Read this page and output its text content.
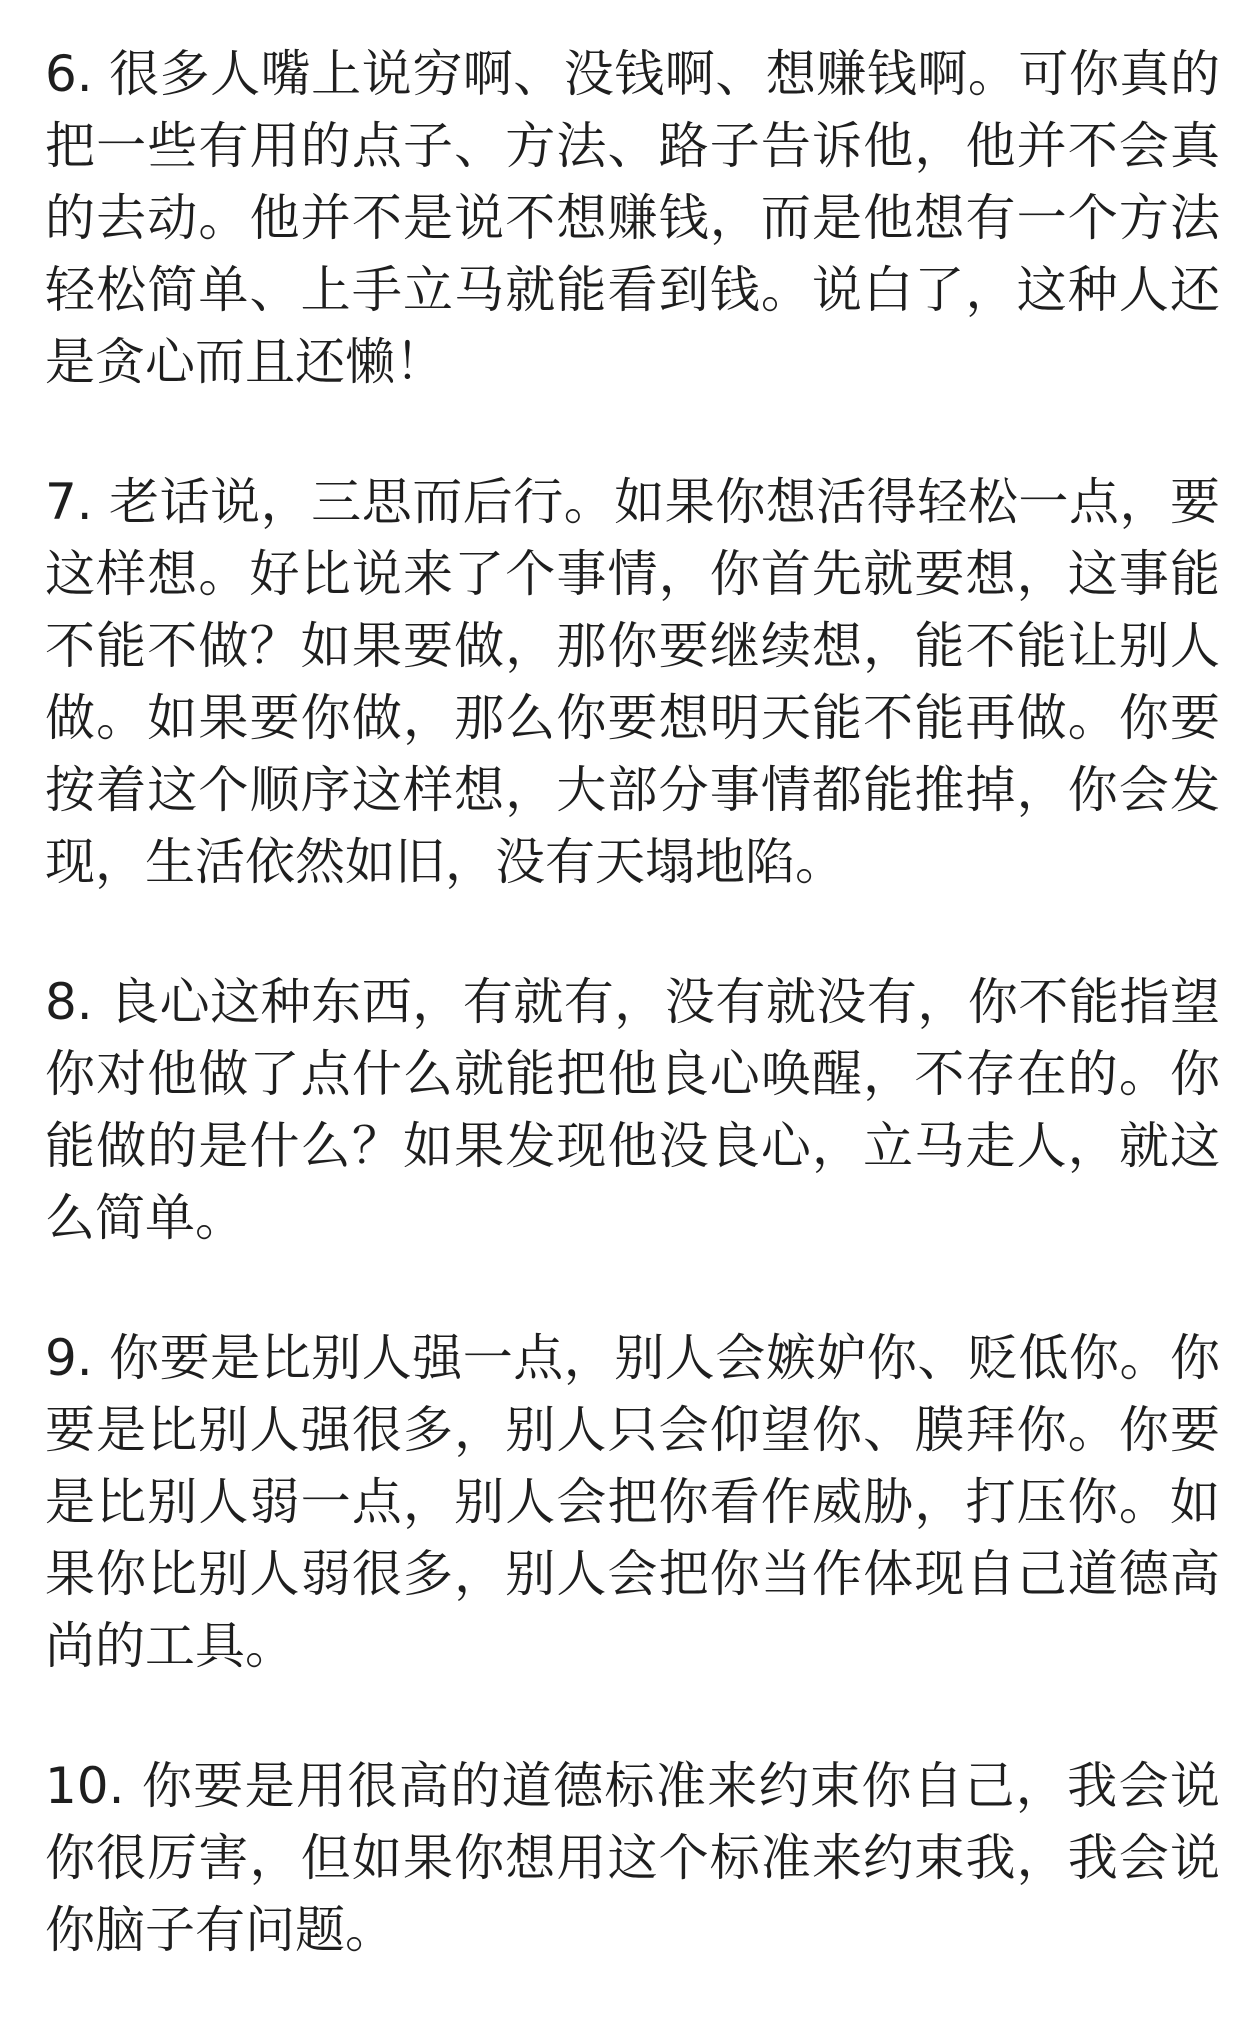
6. 很多人嘴上说穷啊、没钱啊、想赚钱啊。可你真的把一些有用的点子、方法、路子告诉他，他并不会真的去动。他并不是说不想赚钱，而是他想有一个方法轻松简单、上手立马就能看到钱。说白了，这种人还是贪心而且还懒！

7. 老话说，三思而后行。如果你想活得轻松一点，要这样想。好比说来了个事情，你首先就要想，这事能不能不做？如果要做，那你要继续想，能不能让别人做。如果要你做，那么你要想明天能不能再做。你要按着这个顺序这样想，大部分事情都能推掉，你会发现，生活依然如旧，没有天塌地陷。

8. 良心这种东西，有就有，没有就没有，你不能指望你对他做了点什么就能把他良心唤醒，不存在的。你能做的是什么？如果发现他没良心，立马走人，就这么简单。

9. 你要是比别人强一点，别人会嫉妒你、贬低你。你要是比别人强很多，别人只会仰望你、膜拜你。你要是比别人弱一点，别人会把你看作威胁，打压你。如果你比别人弱很多，别人会把你当作体现自己道德高尚的工具。

10. 你要是用很高的道德标准来约束你自己，我会说你很厉害，但如果你想用这个标准来约束我，我会说你脑子有问题。
